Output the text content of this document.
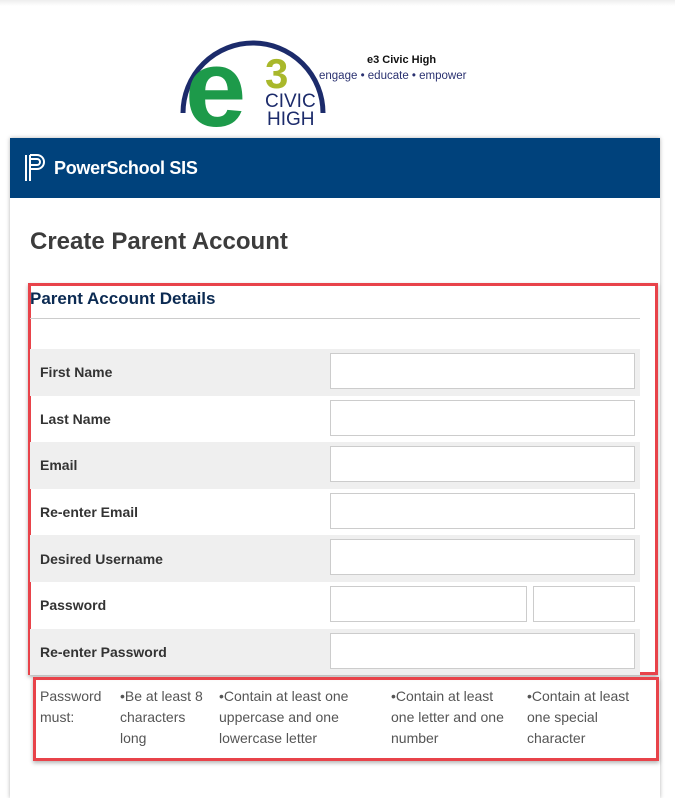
e 3
CIVIC
HIGH
e3 Civic High
engage • educate • empower
PowerSchool SIS
Create Parent Account
Parent Account Details
First Name
Last Name
Email
Re-enter Email
Desired Username
Password
Re-enter Password
Password must:
•Be at least 8 characters long
•Contain at least one uppercase and one lowercase letter
•Contain at least one letter and one number
•Contain at least one special character
